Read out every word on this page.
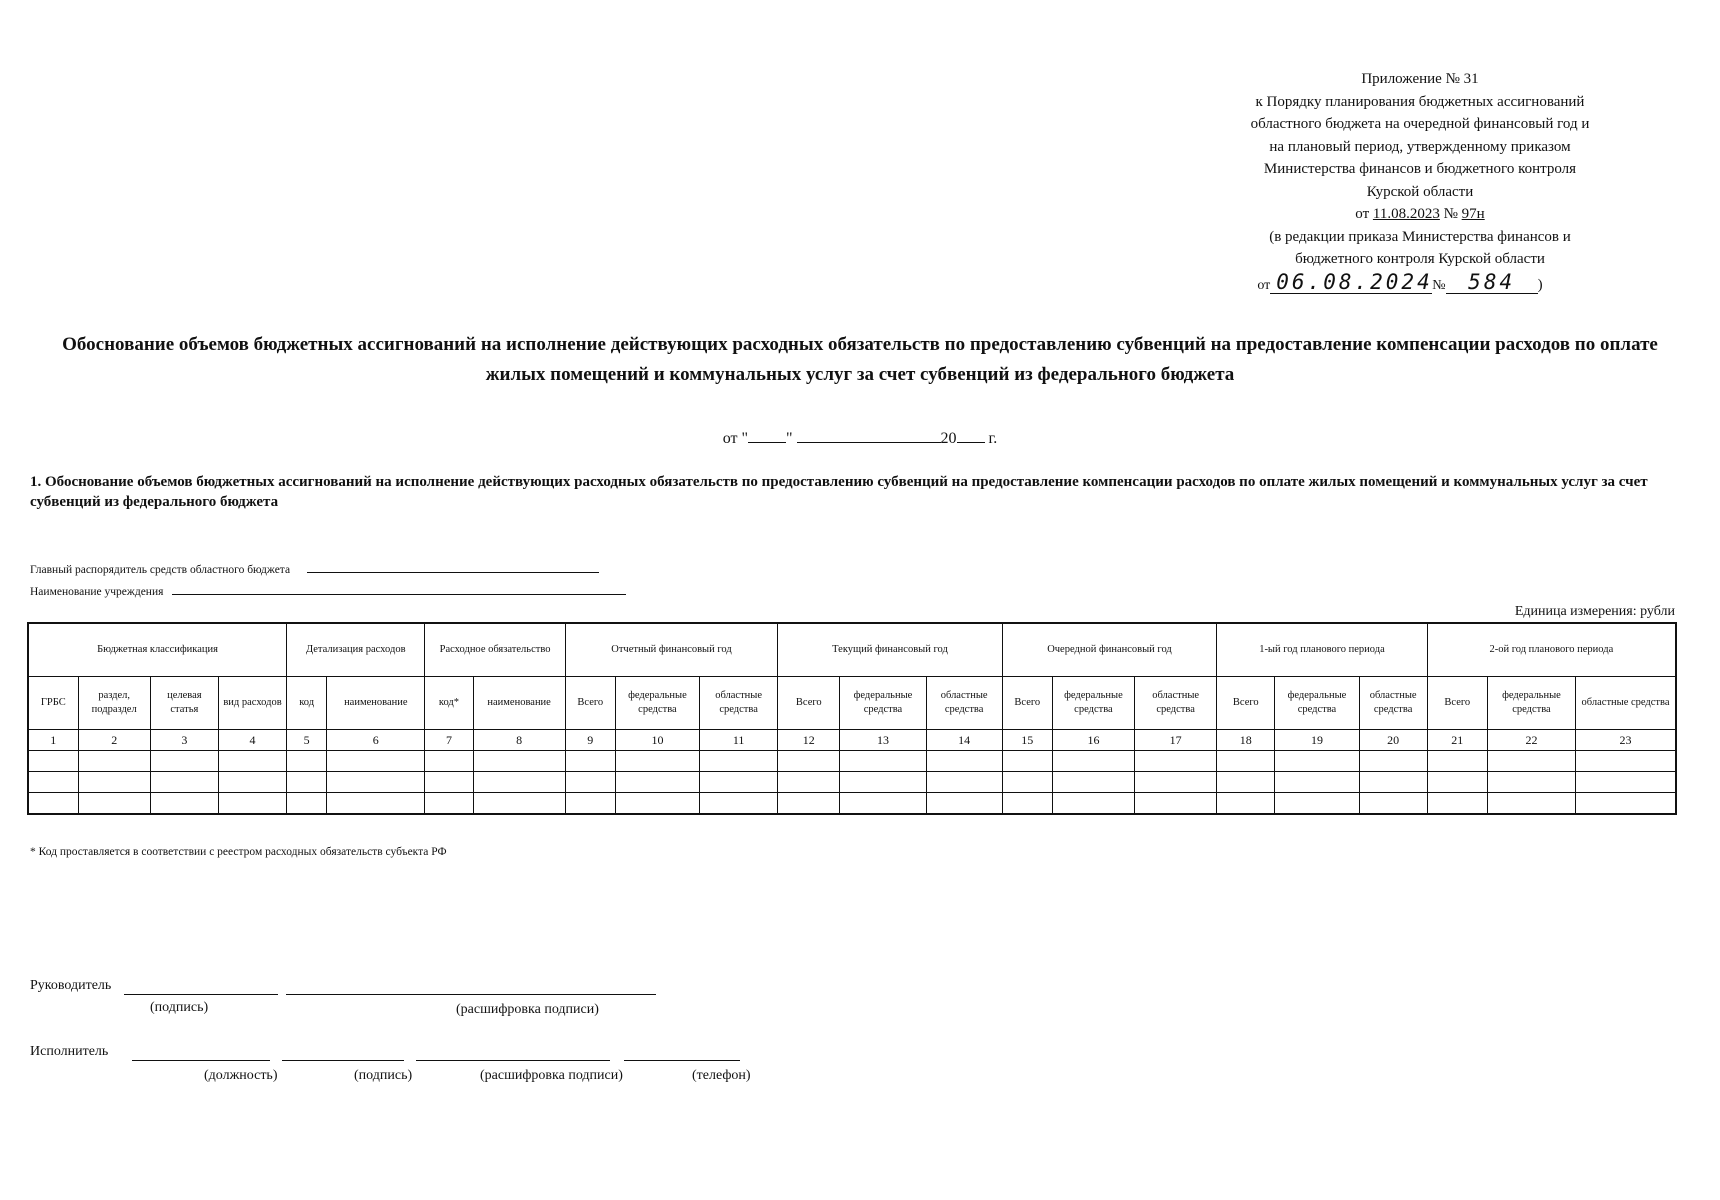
Приложение № 31
к Порядку планирования бюджетных ассигнований
областного бюджета на очередной финансовый год и
на плановый период, утвержденному приказом
Министерства финансов и бюджетного контроля
Курской области
от 11.08.2023 № 97н
(в редакции приказа Министерства финансов и
бюджетного контроля Курской области
от 06.08.2024№ 584 )
Обоснование объемов бюджетных ассигнований на исполнение действующих расходных обязательств по предоставлению субвенций на предоставление компенсации расходов по оплате жилых помещений и коммунальных услуг за счет субвенций из федерального бюджета
от " "	20 г.
1. Обоснование объемов бюджетных ассигнований на исполнение действующих расходных обязательств по предоставлению субвенций на предоставление компенсации расходов по оплате жилых помещений и коммунальных услуг за счет субвенций из федерального бюджета
Главный распорядитель средств областного бюджета
Наименование учреждения
Единица измерения: рубли
Бюджетная классификация				Детализация расходов		Расходное обязательство		Отчетный финансовый год			Текущий финансовый год			Очередной финансовый год			1-ый год планового периода			2-ой год планового периода		
ГРБС	раздел, подраздел	целевая статья	вид расходов	код	наименование	код*	наименование	Всего	федеральные средства	областные средства	Всего	федеральные средства	областные средства	Всего	федеральные средства	областные средства	Всего	федеральные средства	областные средства	Всего	федеральные средства	областные средства
1	2	3	4	5	6	7	8	9	10	11	12	13	14	15	16	17	18	19	20	21	22	23

* Код проставляется в соответствии с реестром расходных обязательств субъекта РФ
Руководитель
(подпись)	(расшифровка подписи)
Исполнитель
(должность)	(подпись)	(расшифровка подписи)	(телефон)
